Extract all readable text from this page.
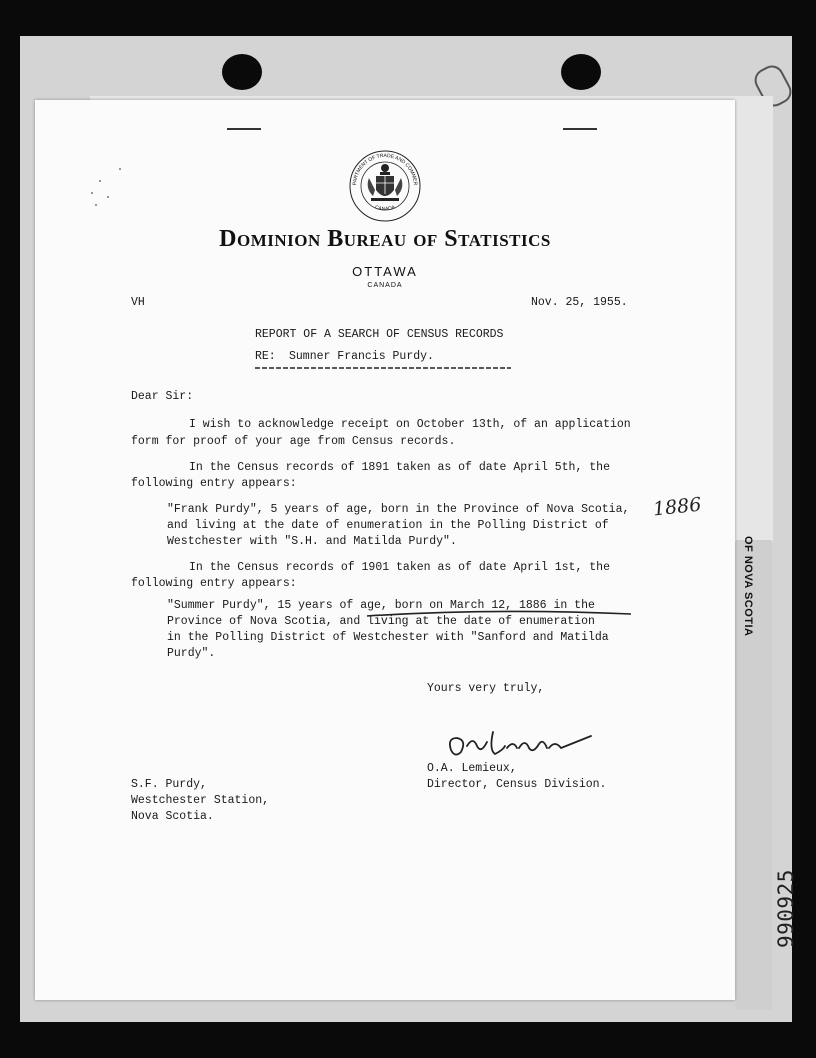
OF NOVA SCOTIA
990925
PARTMENT OF TRADE AND COMMER
CANADA
Dominion Bureau of Statistics
OTTAWA
CANADA
VH	Nov. 25, 1955.
REPORT OF A SEARCH OF CENSUS RECORDS
RE: Sumner Francis Purdy.
Dear Sir:
I wish to acknowledge receipt on October 13th, of an application
form for proof of your age from Census records.
In the Census records of 1891 taken as of date April 5th, the
following entry appears:
"Frank Purdy", 5 years of age, born in the Province of Nova Scotia,
and living at the date of enumeration in the Polling District of
Westchester with "S.H. and Matilda Purdy".
In the Census records of 1901 taken as of date April 1st, the
following entry appears:
"Summer Purdy", 15 years of age, born on March 12, 1886 in the
Province of Nova Scotia, and living at the date of enumeration
in the Polling District of Westchester with "Sanford and Matilda
Purdy".
1886
Yours very truly,
O.A. Lemieux,
Director, Census Division.
S.F. Purdy,
Westchester Station,
Nova Scotia.
